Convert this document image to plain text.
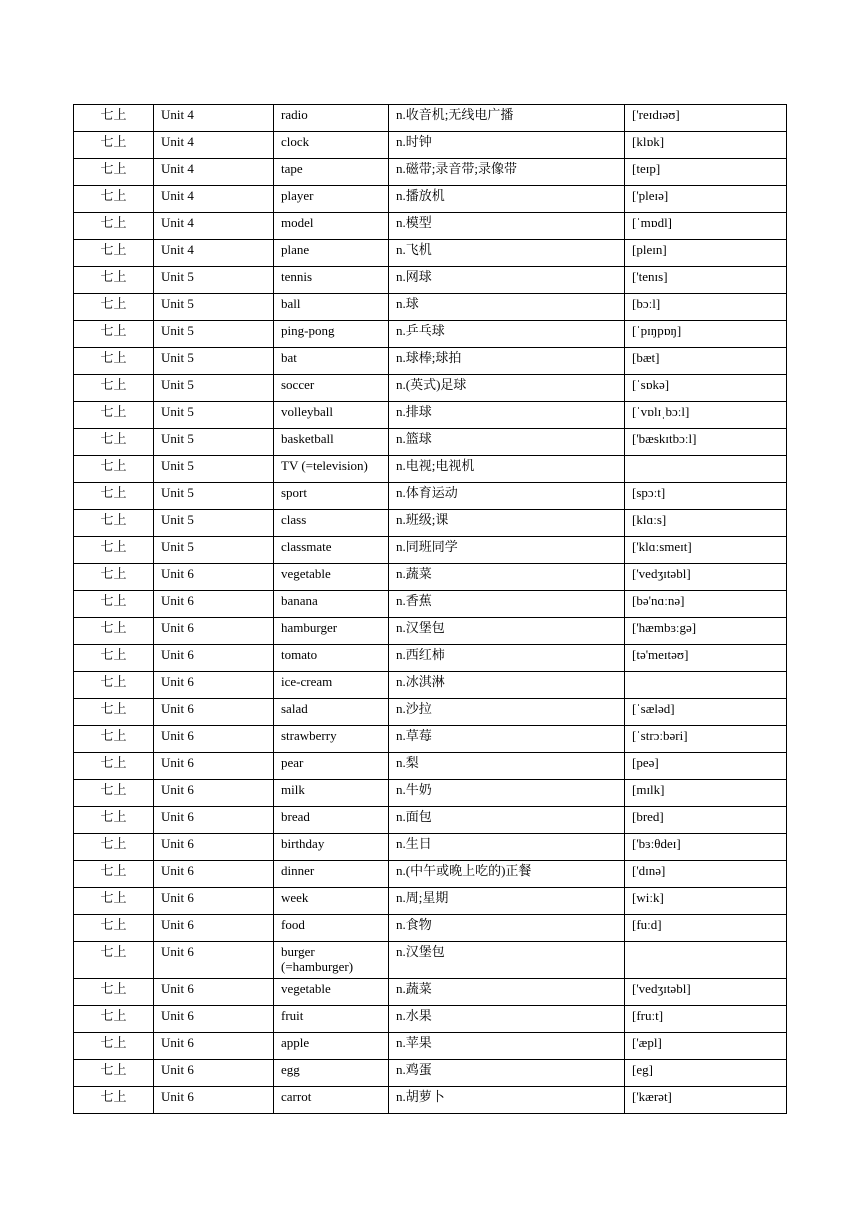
七上	Unit 4	radio	n.收音机;无线电广播	['reɪdɪəʊ]
七上	Unit 4	clock	n.时钟	[klɒk]
七上	Unit 4	tape	n.磁带;录音带;录像带	[teɪp]
七上	Unit 4	player	n.播放机	['pleɪə]
七上	Unit 4	model	n.模型	[ˈmɒdl]
七上	Unit 4	plane	n.飞机	[pleɪn]
七上	Unit 5	tennis	n.网球	['tenɪs]
七上	Unit 5	ball	n.球	[bɔːl]
七上	Unit 5	ping-pong	n.乒乓球	[ˈpɪŋpɒŋ]
七上	Unit 5	bat	n.球棒;球拍	[bæt]
七上	Unit 5	soccer	n.(英式)足球	[ˈsɒkə]
七上	Unit 5	volleyball	n.排球	[ˈvɒlɪˌbɔːl]
七上	Unit 5	basketball	n.篮球	['bæskɪtbɔːl]
七上	Unit 5	TV (=television)	n.电视;电视机	
七上	Unit 5	sport	n.体育运动	[spɔːt]
七上	Unit 5	class	n.班级;课	[klɑːs]
七上	Unit 5	classmate	n.同班同学	['klɑːsmeɪt]
七上	Unit 6	vegetable	n.蔬菜	['vedʒɪtəbl]
七上	Unit 6	banana	n.香蕉	[bə'nɑːnə]
七上	Unit 6	hamburger	n.汉堡包	['hæmbɜːgə]
七上	Unit 6	tomato	n.西红柿	[tə'meɪtəʊ]
七上	Unit 6	ice-cream	n.冰淇淋	
七上	Unit 6	salad	n.沙拉	[ˈsæləd]
七上	Unit 6	strawberry	n.草莓	[ˈstrɔːbəri]
七上	Unit 6	pear	n.梨	[peə]
七上	Unit 6	milk	n.牛奶	[mɪlk]
七上	Unit 6	bread	n.面包	[bred]
七上	Unit 6	birthday	n.生日	['bɜːθdeɪ]
七上	Unit 6	dinner	n.(中午或晚上吃的)正餐	['dɪnə]
七上	Unit 6	week	n.周;星期	[wiːk]
七上	Unit 6	food	n.食物	[fuːd]
七上	Unit 6	burger (=hamburger)	n.汉堡包	
七上	Unit 6	vegetable	n.蔬菜	['vedʒɪtəbl]
七上	Unit 6	fruit	n.水果	[fruːt]
七上	Unit 6	apple	n.苹果	['æpl]
七上	Unit 6	egg	n.鸡蛋	[eg]
七上	Unit 6	carrot	n.胡萝卜	['kærət]
